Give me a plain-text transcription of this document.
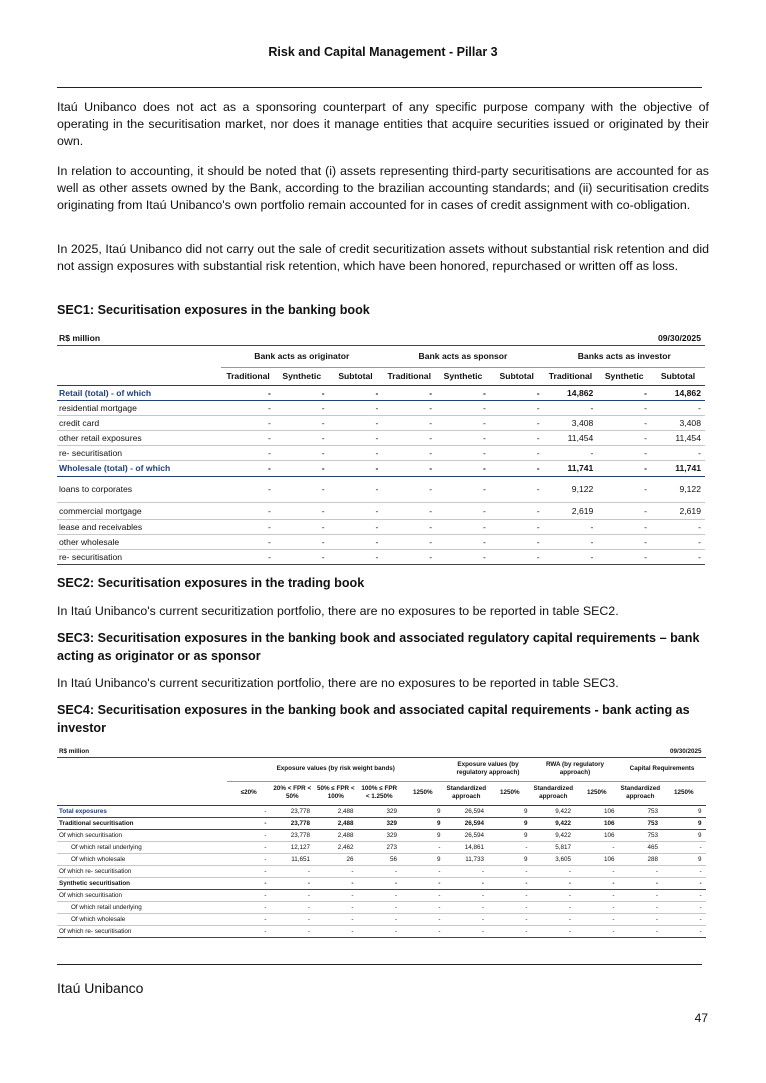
Risk and Capital Management - Pillar 3

Itaú Unibanco does not act as a sponsoring counterpart of any specific purpose company with the objective of operating in the securitisation market, nor does it manage entities that acquire securities issued or originated by their own.

In relation to accounting, it should be noted that (i) assets representing third-party securitisations are accounted for as well as other assets owned by the Bank, according to the brazilian accounting standards; and (ii) securitisation credits originating from Itaú Unibanco's own portfolio remain accounted for in cases of credit assignment with co-obligation.

In 2025, Itaú Unibanco did not carry out the sale of credit securitization assets without substantial risk retention and did not assign exposures with substantial risk retention, which have been honored, repurchased or written off as loss.

SEC1: Securitisation exposures in the banking book
R$ million	09/30/2025								
	Bank acts as originator			Bank acts as sponsor			Banks acts as investor		
	Traditional	Synthetic	Subtotal	Traditional	Synthetic	Subtotal	Traditional	Synthetic	Subtotal
Retail (total) - of which	-	-	-	-	-	-	14,862	-	14,862
residential mortgage	-	-	-	-	-	-	-	-	-
credit card	-	-	-	-	-	-	3,408	-	3,408
other retail exposures	-	-	-	-	-	-	11,454	-	11,454
re- securitisation	-	-	-	-	-	-	-	-	-
Wholesale (total) - of which	-	-	-	-	-	-	11,741	-	11,741
loans to corporates	-	-	-	-	-	-	9,122	-	9,122
commercial mortgage	-	-	-	-	-	-	2,619	-	2,619
lease and receivables	-	-	-	-	-	-	-	-	-
other wholesale	-	-	-	-	-	-	-	-	-
re- securitisation	-	-	-	-	-	-	-	-	-
SEC2: Securitisation exposures in the trading book

In Itaú Unibanco's current securitization portfolio, there are no exposures to be reported in table SEC2.

SEC3: Securitisation exposures in the banking book and associated regulatory capital requirements – bank acting as originator or as sponsor

In Itaú Unibanco's current securitization portfolio, there are no exposures to be reported in table SEC3.

SEC4: Securitisation exposures in the banking book and associated capital requirements - bank acting as investor
R$ million	09/30/2025										
	Exposure values (by risk weight bands)					Exposure values (by regulatory approach)		RWA (by regulatory approach)		Capital Requirements	
	≤20%	20% < FPR < 50%	50% ≤ FPR < 100%	100% ≤ FPR < 1.250%	1250%	Standardized approach	1250%	Standardized approach	1250%	Standardized approach	1250%
Total exposures	-	23,778	2,488	329	9	26,594	9	9,422	106	753	9
Traditional securitisation	-	23,778	2,488	329	9	26,594	9	9,422	106	753	9
Of which securitisation	-	23,778	2,488	329	9	26,594	9	9,422	106	753	9
Of which retail underlying	-	12,127	2,462	273	-	14,861	-	5,817	-	465	-
Of which wholesale	-	11,651	26	56	9	11,733	9	3,605	106	288	9
Of which re- securitisation	-	-	-	-	-	-	-	-	-	-	-
Synthetic securitisation	-	-	-	-	-	-	-	-	-	-	-
Of which securitisation	-	-	-	-	-	-	-	-	-	-	-
Of which retail underlying	-	-	-	-	-	-	-	-	-	-	-
Of which wholesale	-	-	-	-	-	-	-	-	-	-	-
Of which re- securitisation	-	-	-	-	-	-	-	-	-	-	-
Itaú Unibanco
47
